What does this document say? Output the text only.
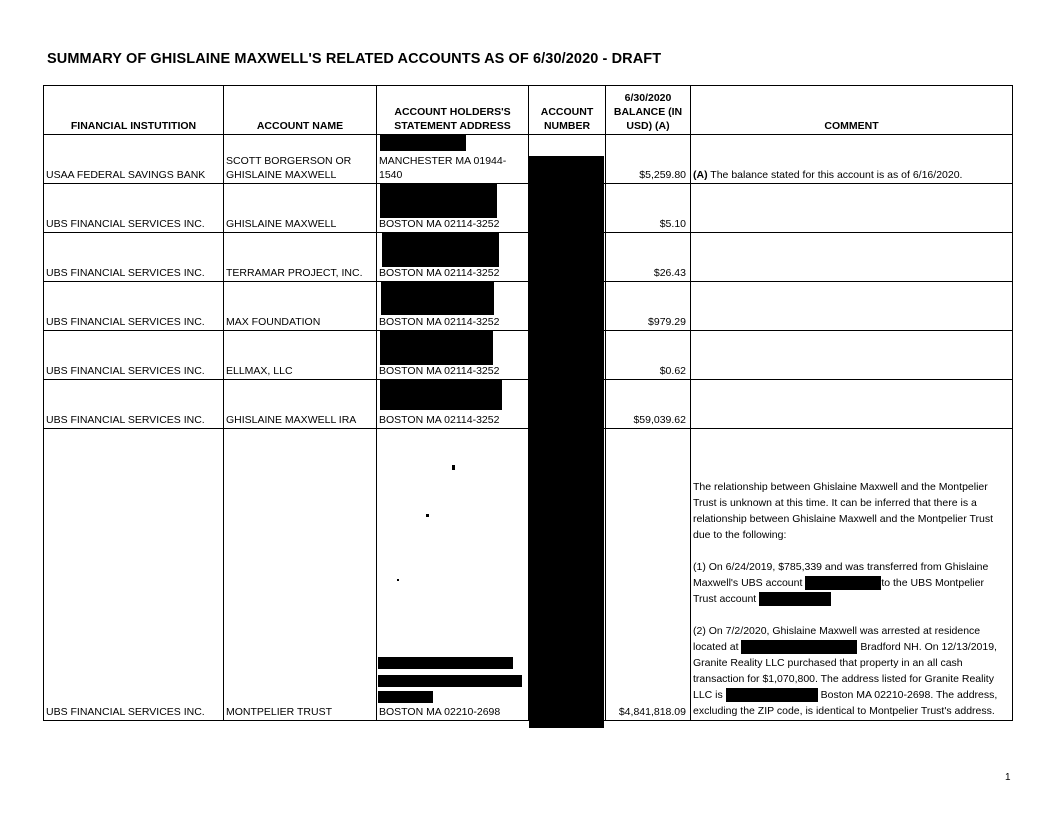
SUMMARY OF GHISLAINE MAXWELL'S RELATED ACCOUNTS AS OF 6/30/2020 - DRAFT
FINANCIAL INSTUTITION	ACCOUNT NAME	ACCOUNT HOLDERS'S STATEMENT ADDRESS	ACCOUNT NUMBER	6/30/2020 BALANCE (IN USD) (A)	COMMENT
USAA FEDERAL SAVINGS BANK	SCOTT BORGERSON OR GHISLAINE MAXWELL	MANCHESTER MA 01944-1540		$5,259.80	(A) The balance stated for this account is as of 6/16/2020.
UBS FINANCIAL SERVICES INC.	GHISLAINE MAXWELL	BOSTON MA 02114-3252		$5.10	
UBS FINANCIAL SERVICES INC.	TERRAMAR PROJECT, INC.	BOSTON MA 02114-3252		$26.43	
UBS FINANCIAL SERVICES INC.	MAX FOUNDATION	BOSTON MA 02114-3252		$979.29	
UBS FINANCIAL SERVICES INC.	ELLMAX, LLC	BOSTON MA 02114-3252		$0.62	
UBS FINANCIAL SERVICES INC.	GHISLAINE MAXWELL IRA	BOSTON MA 02114-3252		$59,039.62	
UBS FINANCIAL SERVICES INC.	MONTPELIER TRUST	BOSTON MA 02210-2698		$4,841,818.09	The relationship between Ghislaine Maxwell and the Montpelier Trust is unknown at this time. It can be inferred that there is a relationship between Ghislaine Maxwell and the Montpelier Trust due to the following:

(1) On 6/24/2019, $785,339 and was transferred from Ghislaine Maxwell's UBS account to the UBS Montpelier Trust account

(2) On 7/2/2020, Ghislaine Maxwell was arrested at residence located at Bradford NH. On 12/13/2019, Granite Reality LLC purchased that property in an all cash transaction for $1,070,800. The address listed for Granite Reality LLC is Boston MA 02210-2698. The address, excluding the ZIP code, is identical to Montpelier Trust's address.

1
